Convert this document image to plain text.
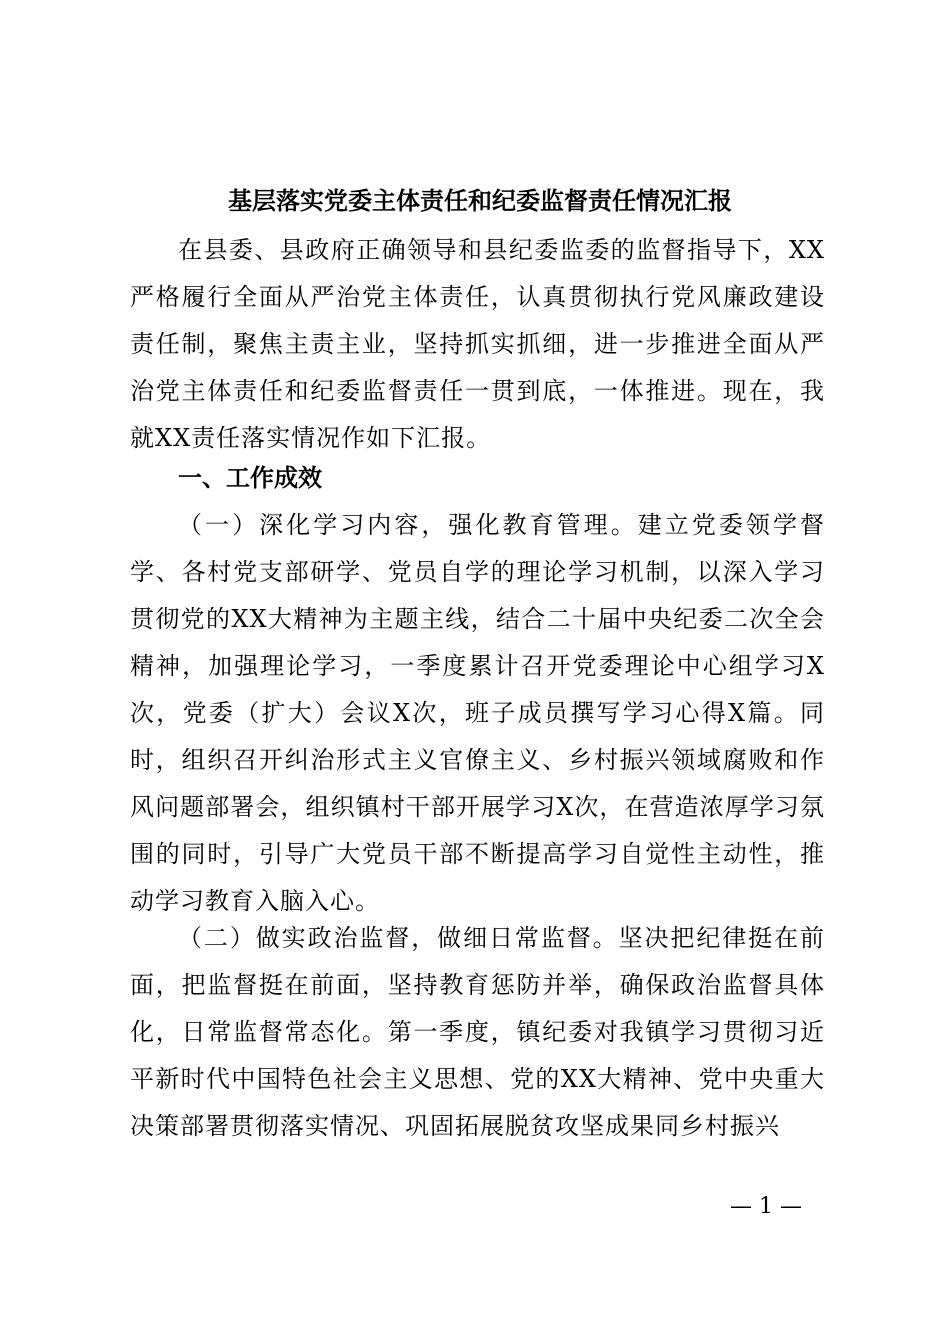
基层落实党委主体责任和纪委监督责任情况汇报
在县委、县政府正确领导和县纪委监委的监督指导下，XX严格履行全面从严治党主体责任，认真贯彻执行党风廉政建设责任制，聚焦主责主业，坚持抓实抓细，进一步推进全面从严治党主体责任和纪委监督责任一贯到底，一体推进。现在，我就XX责任落实情况作如下汇报。
一、工作成效
（一）深化学习内容，强化教育管理。建立党委领学督学、各村党支部研学、党员自学的理论学习机制，以深入学习贯彻党的XX大精神为主题主线，结合二十届中央纪委二次全会精神，加强理论学习，一季度累计召开党委理论中心组学习X次，党委（扩大）会议X次，班子成员撰写学习心得X篇。同时，组织召开纠治形式主义官僚主义、乡村振兴领域腐败和作风问题部署会，组织镇村干部开展学习X次，在营造浓厚学习氛围的同时，引导广大党员干部不断提高学习自觉性主动性，推动学习教育入脑入心。
（二）做实政治监督，做细日常监督。坚决把纪律挺在前面，把监督挺在前面，坚持教育惩防并举，确保政治监督具体化，日常监督常态化。第一季度，镇纪委对我镇学习贯彻习近平新时代中国特色社会主义思想、党的XX大精神、党中央重大决策部署贯彻落实情况、巩固拓展脱贫攻坚成果同乡村振兴
— 1 —
